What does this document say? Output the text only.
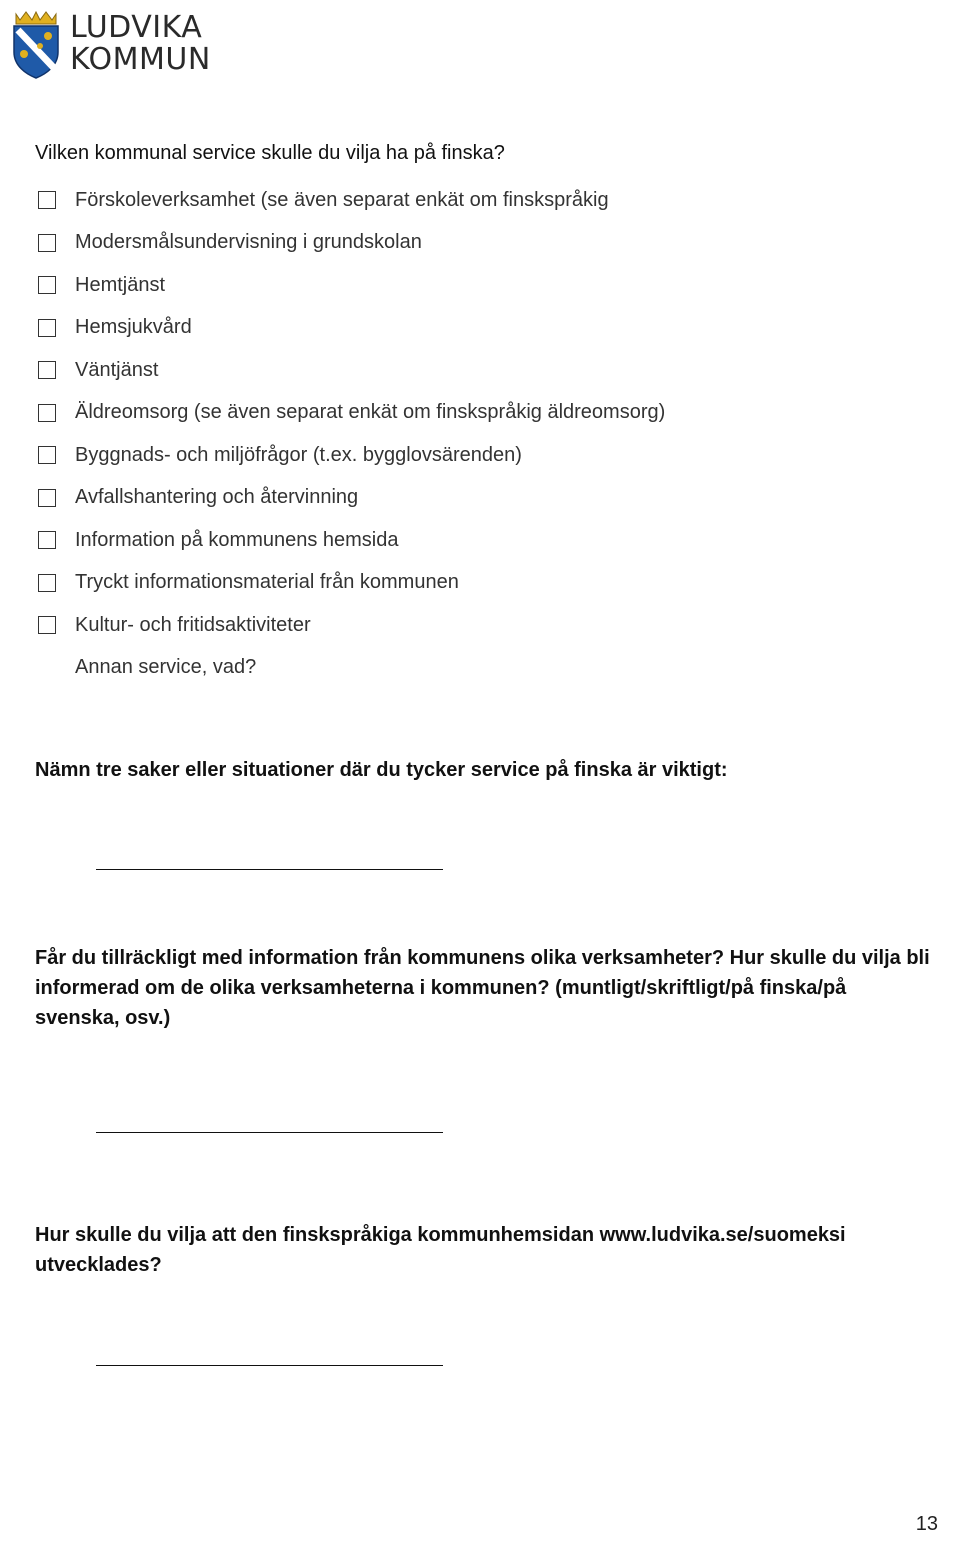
LUDVIKA
KOMMUN
Vilken kommunal service skulle du vilja ha på finska?
Förskoleverksamhet (se även separat enkät om finskspråkig
Modersmålsundervisning i grundskolan
Hemtjänst
Hemsjukvård
Väntjänst
Äldreomsorg (se även separat enkät om finskspråkig äldreomsorg)
Byggnads- och miljöfrågor (t.ex. bygglovsärenden)
Avfallshantering och återvinning
Information på kommunens hemsida
Tryckt informationsmaterial från kommunen
Kultur- och fritidsaktiviteter
Annan service, vad?
Nämn tre saker eller situationer där du tycker service på finska är viktigt:
Får du tillräckligt med information från kommunens olika verksamheter? Hur skulle du vilja bli informerad om de olika verksamheterna i kommunen? (muntligt/skriftligt/på finska/på svenska, osv.)
Hur skulle du vilja att den finskspråkiga kommunhemsidan www.ludvika.se/suomeksi utvecklades?
13
